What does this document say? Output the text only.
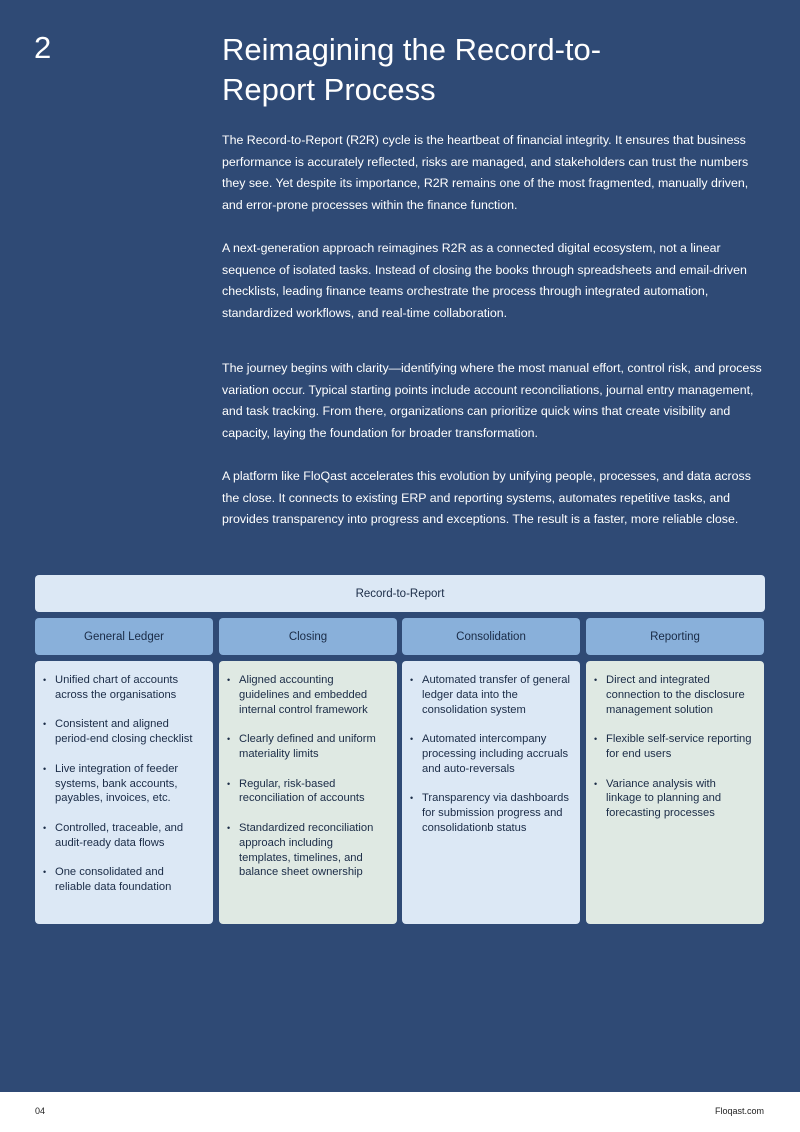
2	Reimagining the Record-to-Report Process

The Record-to-Report (R2R) cycle is the heartbeat of financial integrity. It ensures that business performance is accurately reflected, risks are managed, and stakeholders can trust the numbers they see. Yet despite its importance, R2R remains one of the most fragmented, manually driven, and error-prone processes within the finance function.

A next-generation approach reimagines R2R as a connected digital ecosystem, not a linear sequence of isolated tasks. Instead of closing the books through spreadsheets and email-driven checklists, leading finance teams orchestrate the process through integrated automation, standardized workflows, and real-time collaboration.

The journey begins with clarity—identifying where the most manual effort, control risk, and process variation occur. Typical starting points include account reconciliations, journal entry management, and task tracking. From there, organizations can prioritize quick wins that create visibility and capacity, laying the foundation for broader transformation.

A platform like FloQast accelerates this evolution by unifying people, processes, and data across the close. It connects to existing ERP and reporting systems, automates repetitive tasks, and provides transparency into progress and exceptions. The result is a faster, more reliable close.

Record-to-Report
General Ledger	Closing	Consolidation	Reporting
• Unified chart of accounts across the organisations
• Consistent and aligned period-end closing checklist
• Live integration of feeder systems, bank accounts, payables, invoices, etc.
• Controlled, traceable, and audit-ready data flows
• One consolidated and reliable data foundation
• Aligned accounting guidelines and embedded internal control framework
• Clearly defined and uniform materiality limits
• Regular, risk-based reconciliation of accounts
• Standardized reconciliation approach including templates, timelines, and balance sheet ownership
• Automated transfer of general ledger data into the consolidation system
• Automated intercompany processing including accruals and auto-reversals
• Transparency via dashboards for submission progress and consolidationb status
• Direct and integrated connection to the disclosure management solution
• Flexible self-service reporting for end users
• Variance analysis with linkage to planning and forecasting processes
04	Floqast.com
